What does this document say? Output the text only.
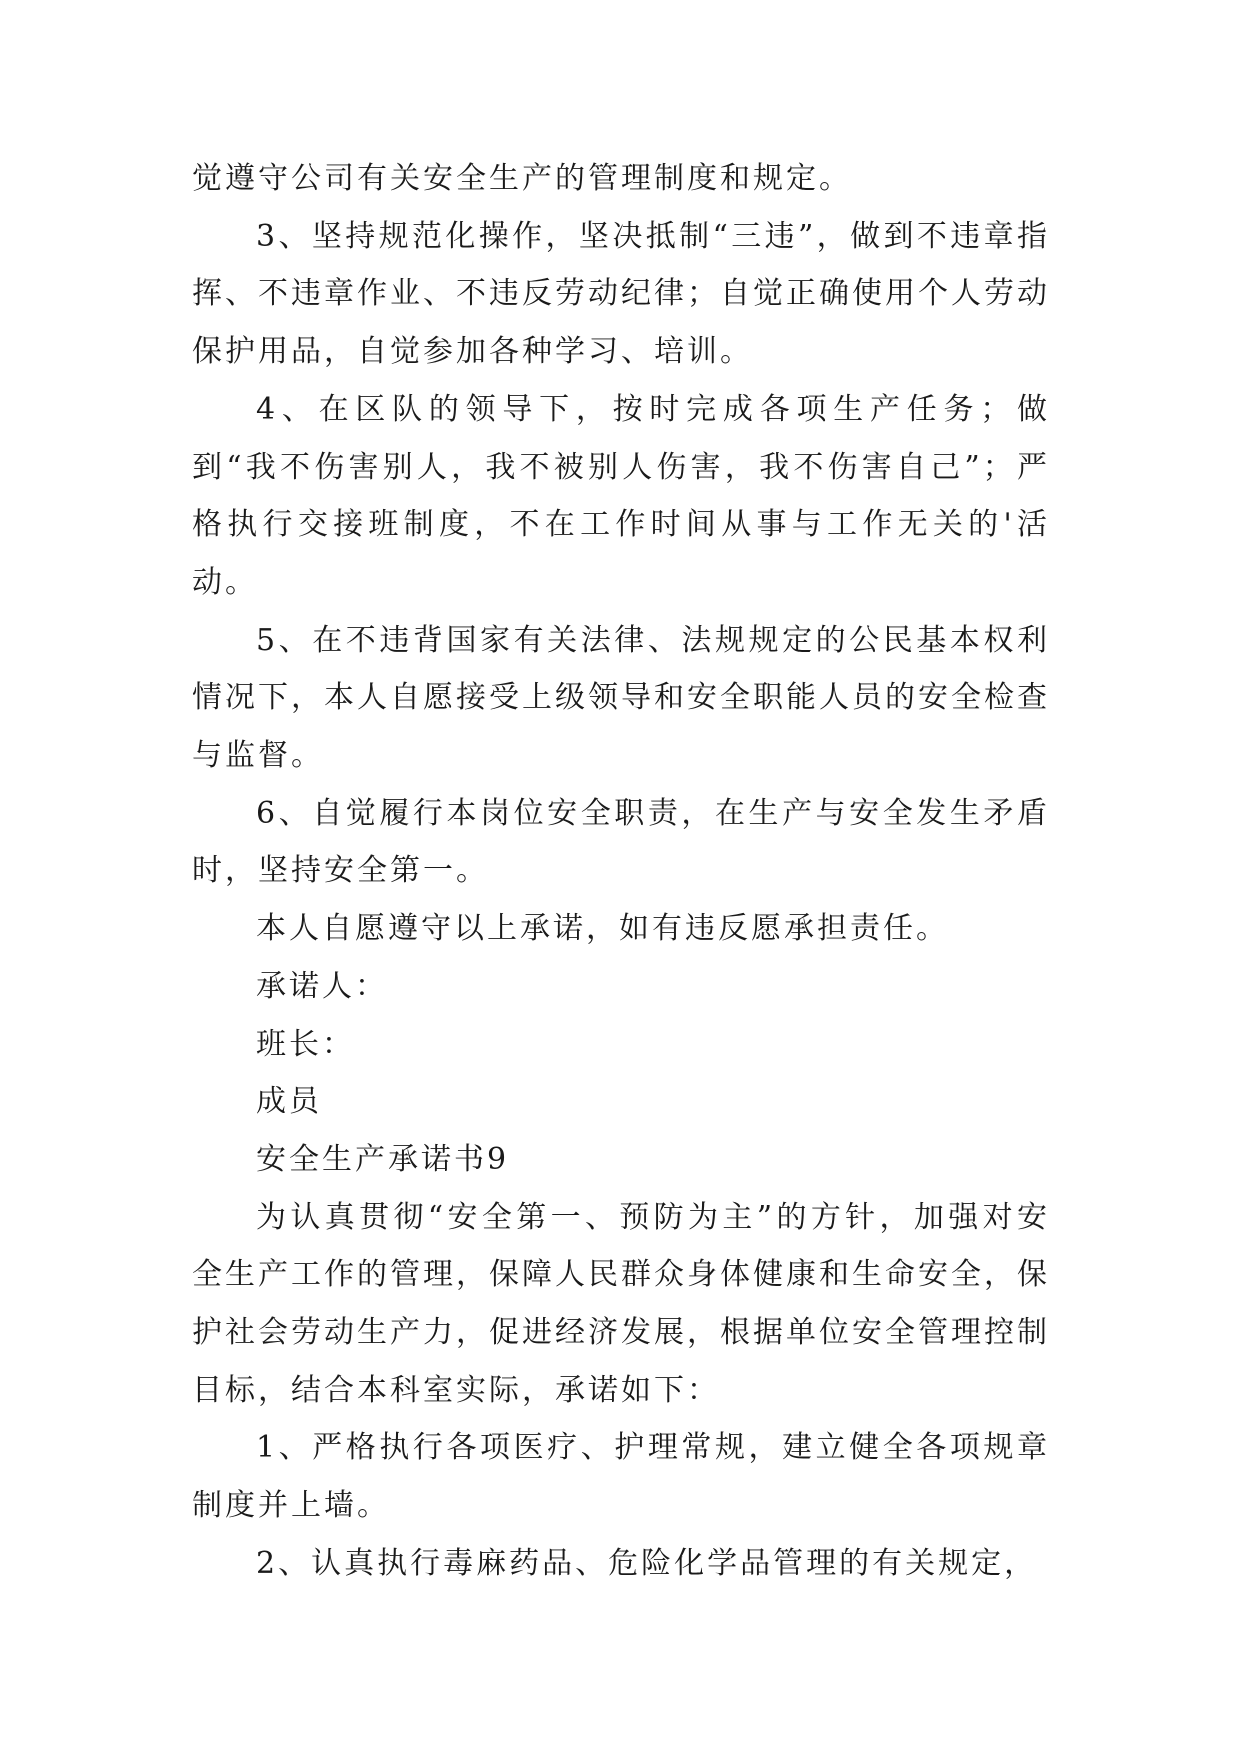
觉遵守公司有关安全生产的管理制度和规定。

3、坚持规范化操作，坚决抵制“三违”，做到不违章指挥、不违章作业、不违反劳动纪律；自觉正确使用个人劳动保护用品，自觉参加各种学习、培训。

4、在区队的领导下，按时完成各项生产任务；做到“我不伤害别人，我不被别人伤害，我不伤害自己”；严格执行交接班制度，不在工作时间从事与工作无关的'活动。

5、在不违背国家有关法律、法规规定的公民基本权利情况下，本人自愿接受上级领导和安全职能人员的安全检查与监督。

6、自觉履行本岗位安全职责，在生产与安全发生矛盾时，坚持安全第一。

本人自愿遵守以上承诺，如有违反愿承担责任。

承诺人：

班长：

成员

安全生产承诺书9

为认真贯彻“安全第一、预防为主”的方针，加强对安全生产工作的管理，保障人民群众身体健康和生命安全，保护社会劳动生产力，促进经济发展，根据单位安全管理控制目标，结合本科室实际，承诺如下：

1、严格执行各项医疗、护理常规，建立健全各项规章制度并上墙。

2、认真执行毒麻药品、危险化学品管理的有关规定，
